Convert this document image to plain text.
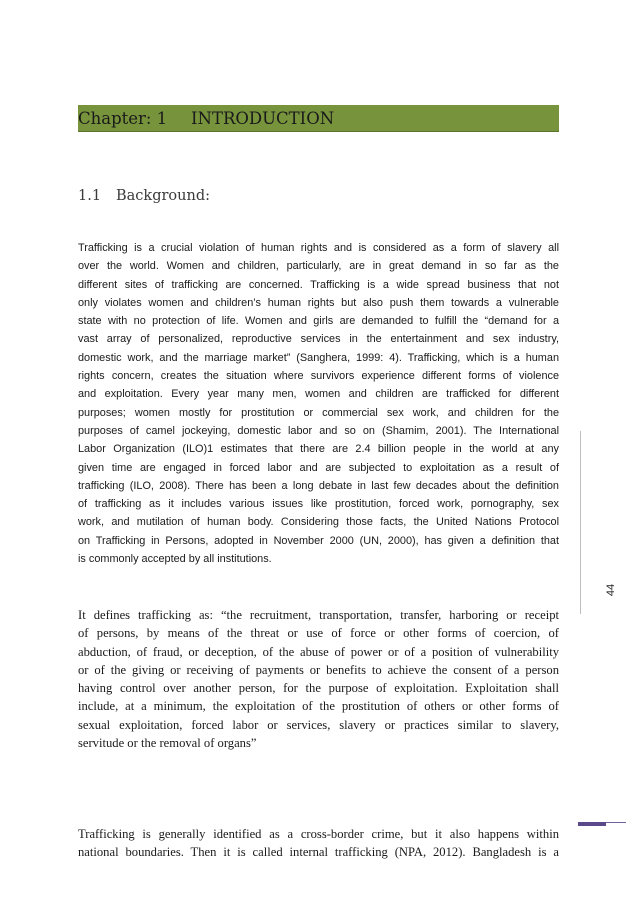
Chapter: 1 INTRODUCTION
1.1 Background:
Trafficking is a crucial violation of human rights and is considered as a form of slavery all
over the world. Women and children, particularly, are in great demand in so far as the
different sites of trafficking are concerned. Trafficking is a wide spread business that not
only violates women and children’s human rights but also push them towards a vulnerable
state with no protection of life. Women and girls are demanded to fulfill the “demand for a
vast array of personalized, reproductive services in the entertainment and sex industry,
domestic work, and the marriage market” (Sanghera, 1999: 4). Trafficking, which is a human
rights concern, creates the situation where survivors experience different forms of violence
and exploitation. Every year many men, women and children are trafficked for different
purposes; women mostly for prostitution or commercial sex work, and children for the
purposes of camel jockeying, domestic labor and so on (Shamim, 2001). The International
Labor Organization (ILO)1 estimates that there are 2.4 billion people in the world at any
given time are engaged in forced labor and are subjected to exploitation as a result of
trafficking (ILO, 2008). There has been a long debate in last few decades about the definition
of trafficking as it includes various issues like prostitution, forced work, pornography, sex
work, and mutilation of human body. Considering those facts, the United Nations Protocol
on Trafficking in Persons, adopted in November 2000 (UN, 2000), has given a definition that
is commonly accepted by all institutions.
It defines trafficking as: “the recruitment, transportation, transfer, harboring or receipt
of persons, by means of the threat or use of force or other forms of coercion, of
abduction, of fraud, or deception, of the abuse of power or of a position of vulnerability
or of the giving or receiving of payments or benefits to achieve the consent of a person
having control over another person, for the purpose of exploitation. Exploitation shall
include, at a minimum, the exploitation of the prostitution of others or other forms of
sexual exploitation, forced labor or services, slavery or practices similar to slavery,
servitude or the removal of organs”
Trafficking is generally identified as a cross-border crime, but it also happens within
national boundaries. Then it is called internal trafficking (NPA, 2012). Bangladesh is a
44
